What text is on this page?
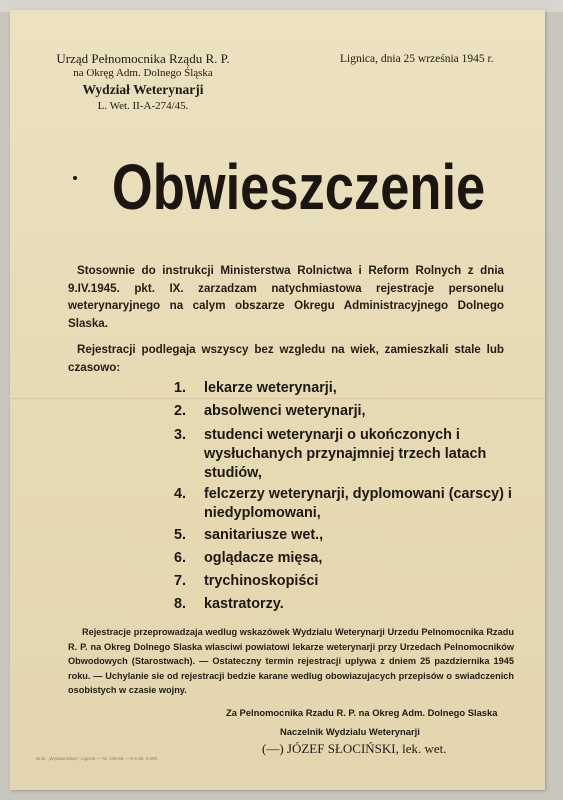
Urząd Pełnomocnika Rządu R. P.
na Okręg Adm. Dolnego Śląska
Wydział Weterynarji
L. Wet. II-A-274/45.
Lignica, dnia 25 września 1945 r.
Obwieszczenie
Stosownie do instrukcji Ministerstwa Rolnictwa i Reform Rolnych z dnia 9.IV.1945. pkt. IX. zarzadzam natychmiastowa rejestracje personelu weterynaryjnego na calym obszarze Okregu Administracyjnego Dolnego Slaska.
Rejestracji podlegaja wszyscy bez wzgledu na wiek, zamieszkali stale lub czasowo:
1.	lekarze weterynarji,
2.	absolwenci weterynarji,
3.	studenci weterynarji o ukończonych i wysłuchanych przynajmniej trzech latach studiów,
4.	felczerzy weterynarji, dyplomowani (carscy) i niedyplomowani,
5.	sanitariusze wet.,
6.	oglądacze mięsa,
7.	trychinoskopiści
8.	kastratorzy.
Rejestracje przeprowadzaja wedlug wskazówek Wydzialu Weterynarji Urzedu Pelnomocnika Rzadu R. P. na Okreg Dolnego Slaska wlasciwi powiatowi lekarze weterynarji przy Urzedach Pelnomocników Obwodowych (Starostwach). — Ostateczny termin rejestracji uplywa z dniem 25 pazdziernika 1945 roku. — Uchylanie sie od rejestracji bedzie karane wedlug obowiazujacych przepisów o swiadczenich osobistych w czasie wojny.
Za Pelnomocnika Rzadu R. P. na Okreg Adm. Dolnego Slaska
Naczelnik Wydzialu Weterynarji
(—) JÓZEF SŁOCIŃSKI, lek. wet.
Druk. „Wydawnictwo”, Lignica — Nr. 246-45 — 8.X.45. 3.000.
